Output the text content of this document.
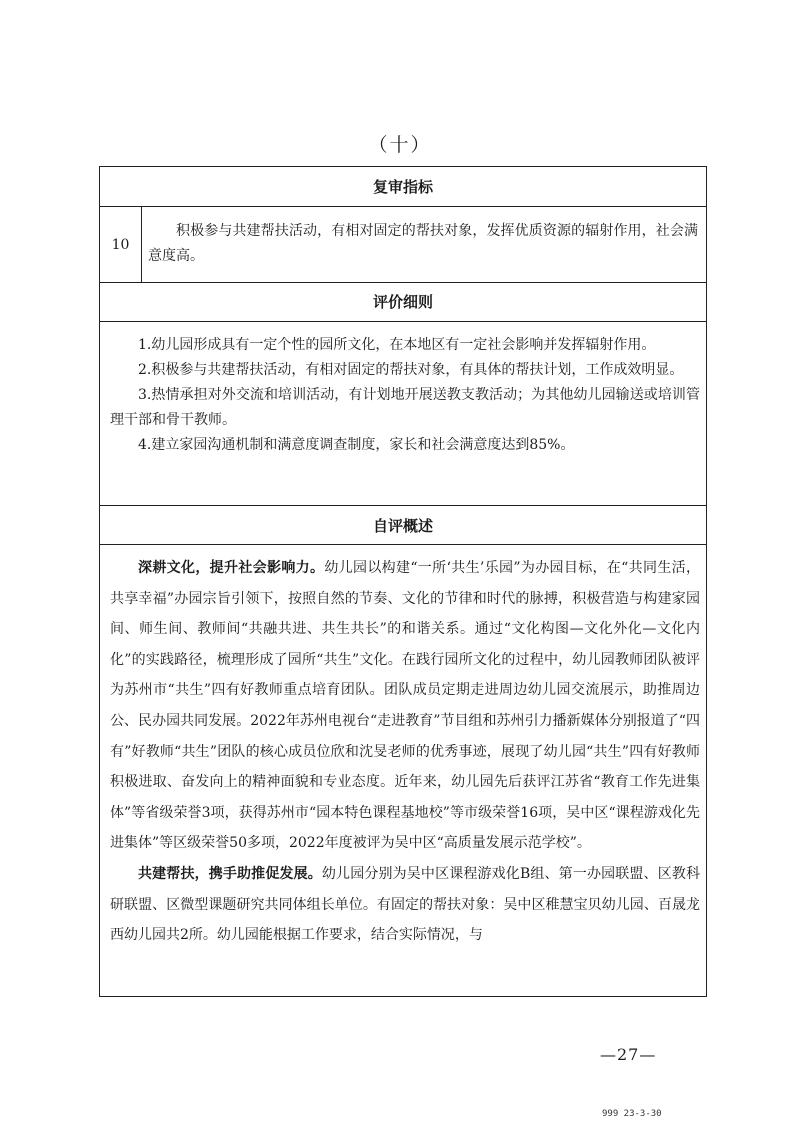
（十）
复审指标
10
积极参与共建帮扶活动，有相对固定的帮扶对象，发挥优质资源的辐射作用，社会满意度高。
评价细则

1.幼儿园形成具有一定个性的园所文化，在本地区有一定社会影响并发挥辐射作用。

2.积极参与共建帮扶活动，有相对固定的帮扶对象，有具体的帮扶计划，工作成效明显。

3.热情承担对外交流和培训活动，有计划地开展送教支教活动；为其他幼儿园输送或培训管理干部和骨干教师。

4.建立家园沟通机制和满意度调查制度，家长和社会满意度达到85%。

自评概述

深耕文化，提升社会影响力。幼儿园以构建“一所‘共生’乐园”为办园目标，在“共同生活，共享幸福”办园宗旨引领下，按照自然的节奏、文化的节律和时代的脉搏，积极营造与构建家园间、师生间、教师间“共融共进、共生共长”的和谐关系。通过“文化构图—文化外化—文化内化”的实践路径，梳理形成了园所“共生”文化。在践行园所文化的过程中，幼儿园教师团队被评为苏州市“共生”四有好教师重点培育团队。团队成员定期走进周边幼儿园交流展示，助推周边公、民办园共同发展。2022年苏州电视台“走进教育”节目组和苏州引力播新媒体分别报道了“四有”好教师“共生”团队的核心成员位欣和沈旻老师的优秀事迹，展现了幼儿园“共生”四有好教师积极进取、奋发向上的精神面貌和专业态度。近年来，幼儿园先后获评江苏省“教育工作先进集体”等省级荣誉3项，获得苏州市“园本特色课程基地校”等市级荣誉16项，吴中区“课程游戏化先进集体”等区级荣誉50多项，2022年度被评为吴中区“高质量发展示范学校”。

共建帮扶，携手助推促发展。幼儿园分别为吴中区课程游戏化B组、第一办园联盟、区教科研联盟、区微型课题研究共同体组长单位。有固定的帮扶对象：吴中区稚慧宝贝幼儿园、百晟龙西幼儿园共2所。幼儿园能根据工作要求，结合实际情况，与

—27—
999 23-3-30
